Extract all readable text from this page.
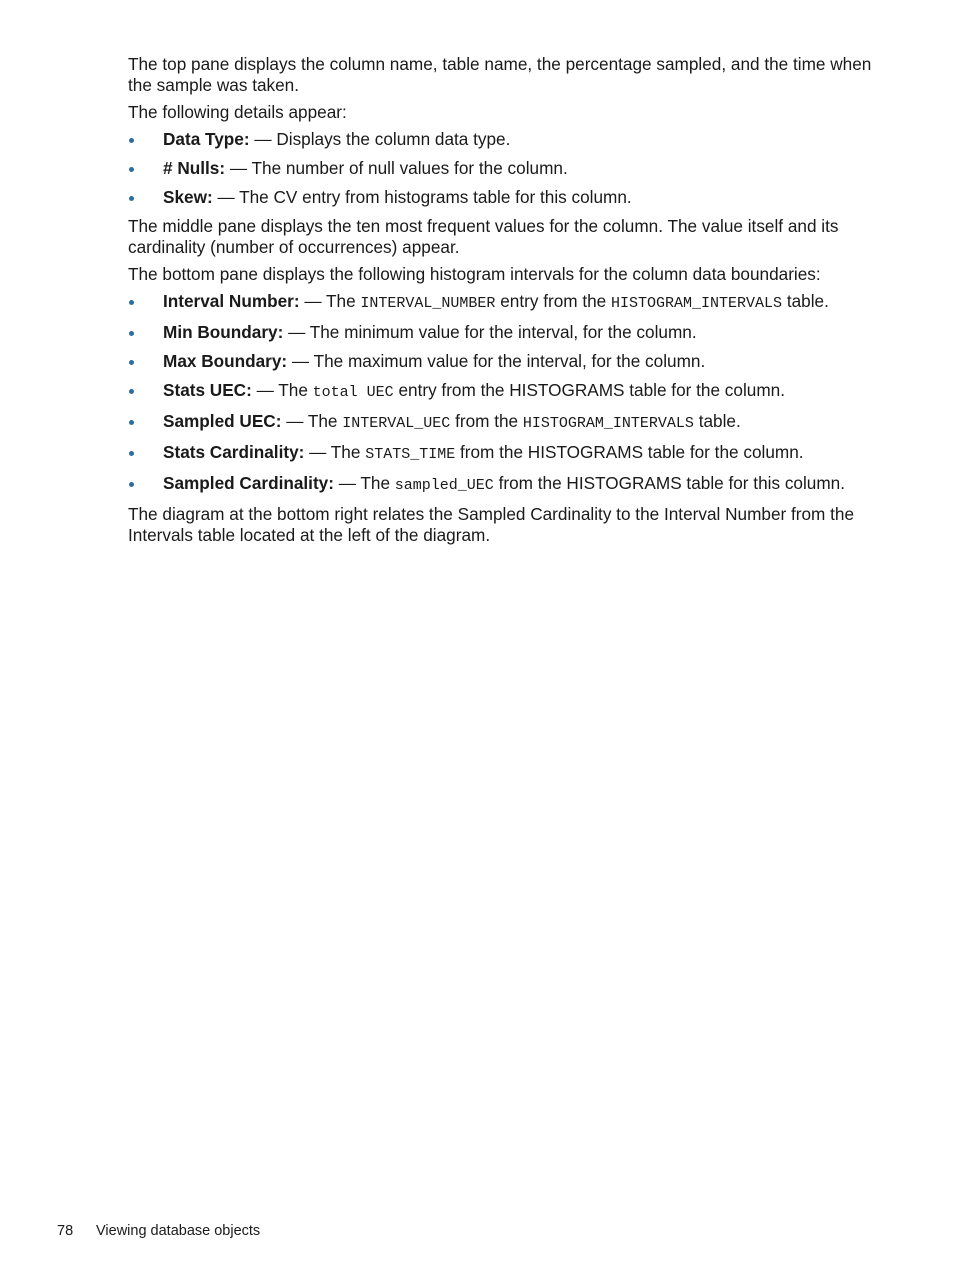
The top pane displays the column name, table name, the percentage sampled, and the time when the sample was taken.

The following details appear:

Data Type: — Displays the column data type.
# Nulls: — The number of null values for the column.
Skew: — The CV entry from histograms table for this column.

The middle pane displays the ten most frequent values for the column. The value itself and its cardinality (number of occurrences) appear.

The bottom pane displays the following histogram intervals for the column data boundaries:

Interval Number: — The INTERVAL_NUMBER entry from the HISTOGRAM_INTERVALS table.
Min Boundary: — The minimum value for the interval, for the column.
Max Boundary: — The maximum value for the interval, for the column.
Stats UEC: — The total UEC entry from the HISTOGRAMS table for the column.
Sampled UEC: — The INTERVAL_UEC from the HISTOGRAM_INTERVALS table.
Stats Cardinality: — The STATS_TIME from the HISTOGRAMS table for the column.
Sampled Cardinality: — The sampled_UEC from the HISTOGRAMS table for this column.

The diagram at the bottom right relates the Sampled Cardinality to the Interval Number from the Intervals table located at the left of the diagram.

78 Viewing database objects
